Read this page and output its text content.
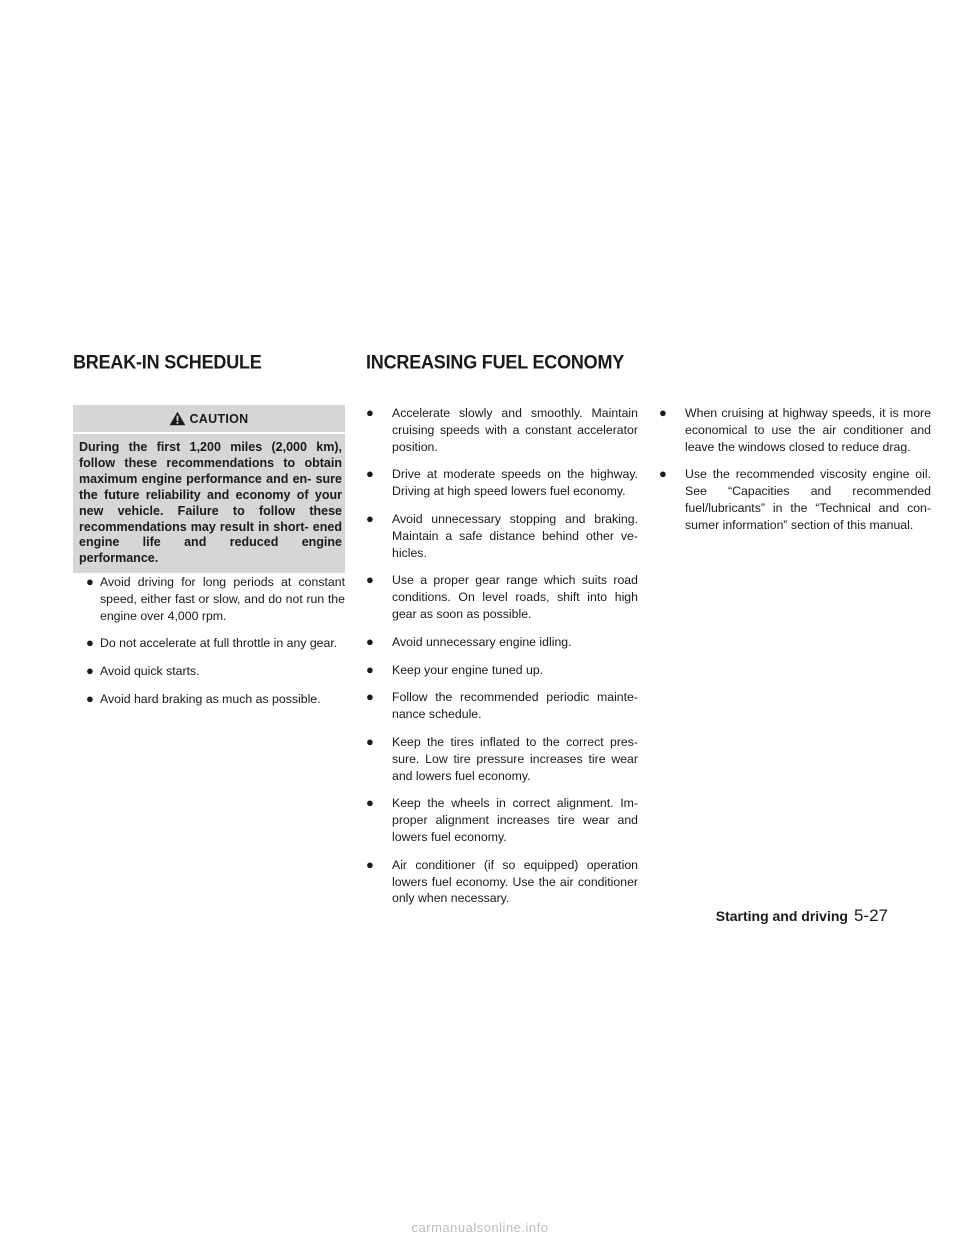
BREAK-IN SCHEDULE	INCREASING FUEL ECONOMY
CAUTION
During the first 1,200 miles (2,000 km), follow these recommendations to obtain maximum engine performance and en- sure the future reliability and economy of your new vehicle. Failure to follow these recommendations may result in short- ened engine life and reduced engine performance.
● Avoid driving for long periods at constant speed, either fast or slow, and do not run the engine over 4,000 rpm.
● Do not accelerate at full throttle in any gear.
● Avoid quick starts.
● Avoid hard braking as much as possible.
● Accelerate slowly and smoothly. Maintain cruising speeds with a constant accelerator position.
● Drive at moderate speeds on the highway. Driving at high speed lowers fuel economy.
● Avoid unnecessary stopping and braking. Maintain a safe distance behind other ve- hicles.
● Use a proper gear range which suits road conditions. On level roads, shift into high gear as soon as possible.
● Avoid unnecessary engine idling.
● Keep your engine tuned up.
● Follow the recommended periodic mainte- nance schedule.
● Keep the tires inflated to the correct pres- sure. Low tire pressure increases tire wear and lowers fuel economy.
● Keep the wheels in correct alignment. Im- proper alignment increases tire wear and lowers fuel economy.
● Air conditioner (if so equipped) operation lowers fuel economy. Use the air conditioner only when necessary.
● When cruising at highway speeds, it is more economical to use the air conditioner and leave the windows closed to reduce drag.
● Use the recommended viscosity engine oil. See “Capacities and recommended fuel/lubricants” in the “Technical and con- sumer information” section of this manual.
Starting and driving 5-27
carmanualsonline.info
